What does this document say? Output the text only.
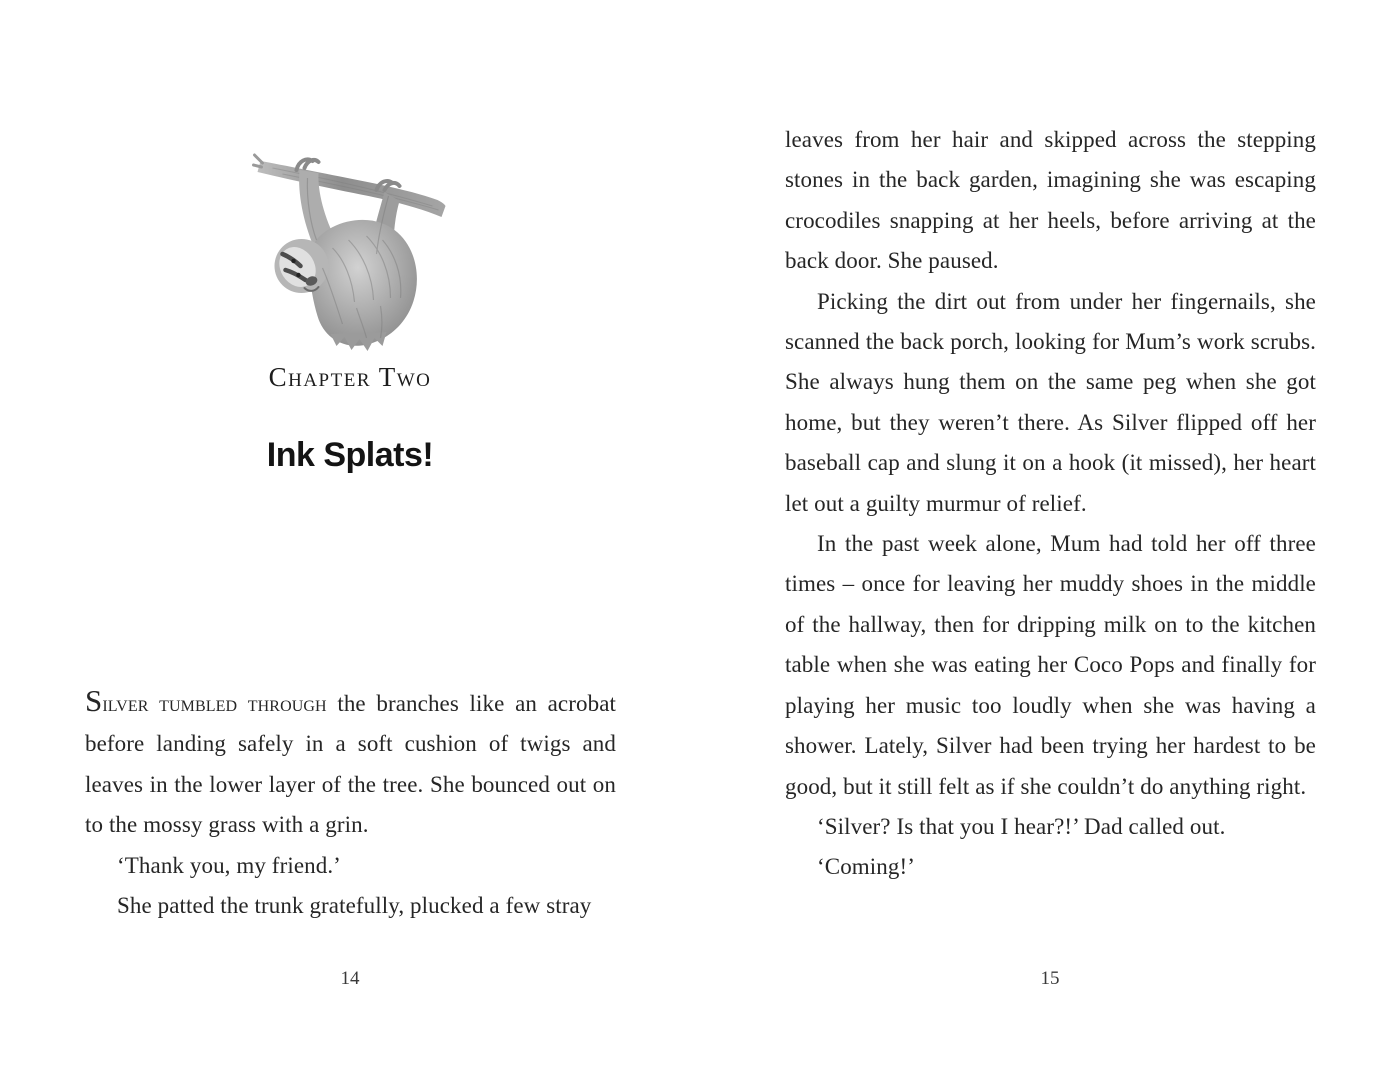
Chapter Two
Ink Splats!

Silver tumbled through the branches like an acrobat before landing safely in a soft cushion of twigs and leaves in the lower layer of the tree. She bounced out on to the mossy grass with a grin.

‘Thank you, my friend.’

She patted the trunk gratefully, plucked a few stray

14

leaves from her hair and skipped across the stepping stones in the back garden, imagining she was escaping crocodiles snapping at her heels, before arriving at the back door. She paused.

Picking the dirt out from under her fingernails, she scanned the back porch, looking for Mum’s work scrubs. She always hung them on the same peg when she got home, but they weren’t there. As Silver flipped off her baseball cap and slung it on a hook (it missed), her heart let out a guilty murmur of relief.

In the past week alone, Mum had told her off three times – once for leaving her muddy shoes in the middle of the hallway, then for dripping milk on to the kitchen table when she was eating her Coco Pops and finally for playing her music too loudly when she was having a shower. Lately, Silver had been trying her hardest to be good, but it still felt as if she couldn’t do anything right.

‘Silver? Is that you I hear?!’ Dad called out.

‘Coming!’

15
